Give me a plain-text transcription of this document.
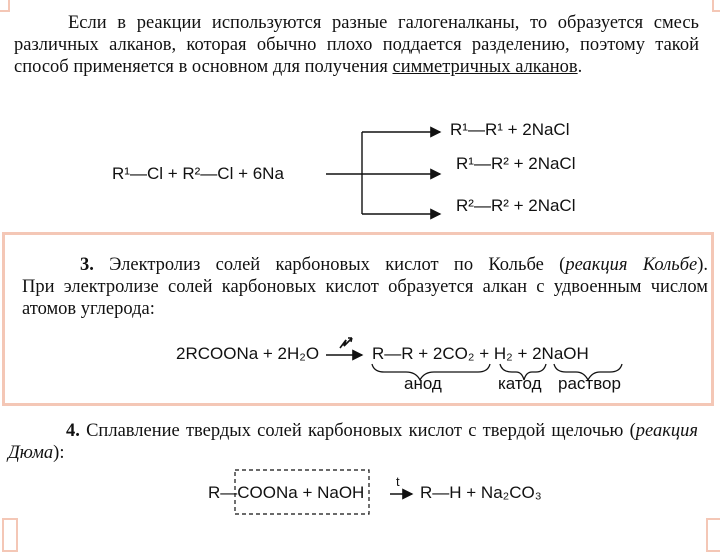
Если в реакции используются разные галогеналканы, то образуется смесь различных алканов, которая обычно плохо поддается разделению, поэтому такой способ применяется в основном для получения симметричных алканов.
R¹—Cl + R²—Cl + 6Na
R¹—R¹ + 2NaCl
R¹—R² + 2NaCl
R²—R² + 2NaCl
3. Электролиз солей карбоновых кислот по Кольбе (реакция Кольбе).
При электролизе солей карбоновых кислот образуется алкан с удвоенным числом атомов углерода:
2RCOONa + 2H₂O	R—R + 2CO₂ + H₂ + 2NaOH
анод	катод раствор
4. Сплавление твердых солей карбоновых кислот с твердой щелочью (реакция Дюма):
R—COONa + NaOH
t
R—H + Na₂CO₃
